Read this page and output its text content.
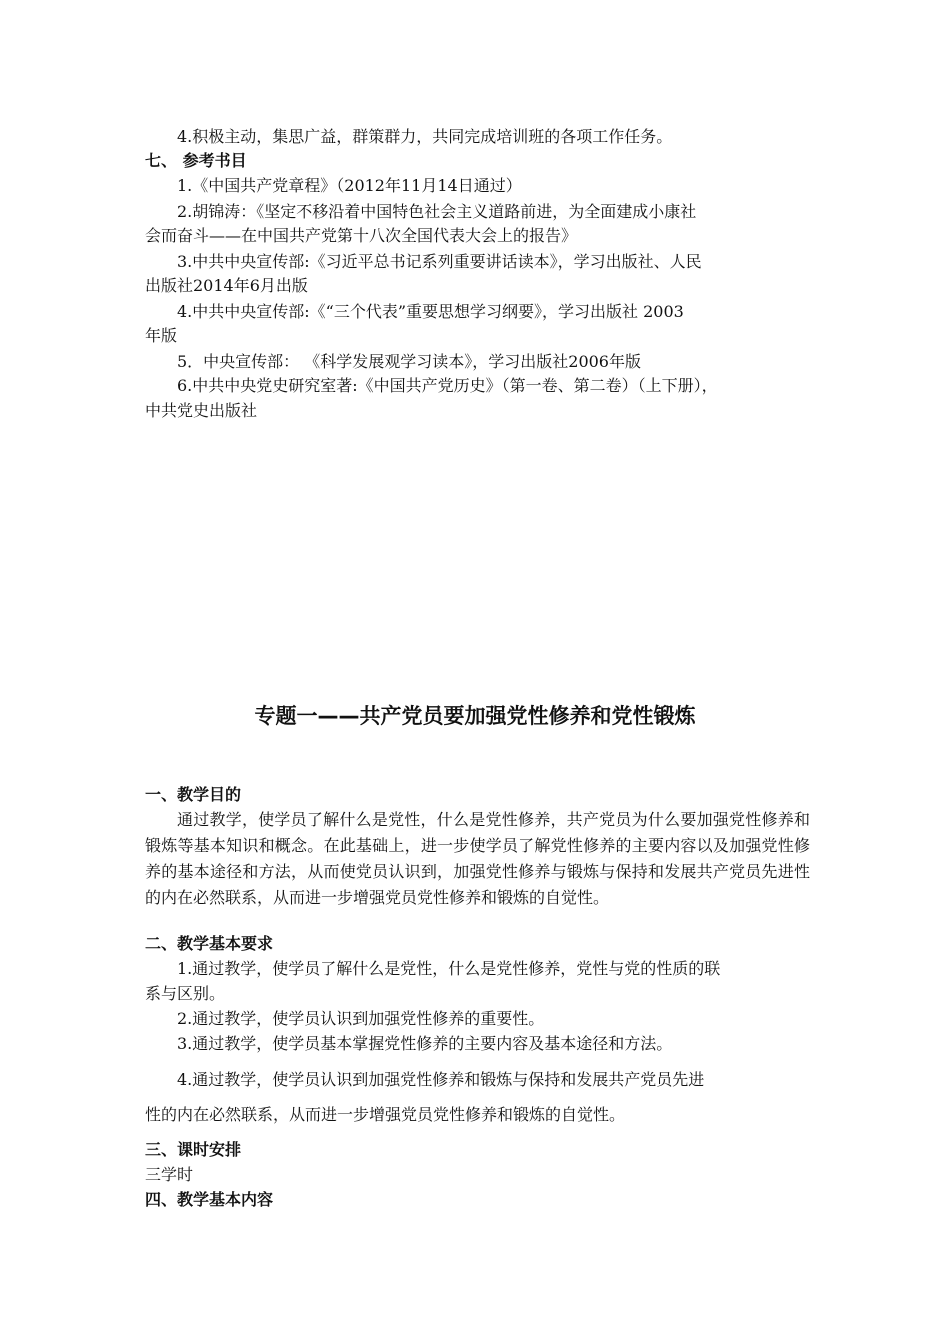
4.积极主动，集思广益，群策群力，共同完成培训班的各项工作任务。
七、 参考书目
1.《中国共产党章程》（2012年11月14日通过）
2.胡锦涛：《坚定不移沿着中国特色社会主义道路前进，为全面建成小康社
会而奋斗——在中国共产党第十八次全国代表大会上的报告》
3.中共中央宣传部:《习近平总书记系列重要讲话读本》，学习出版社、人民
出版社2014年6月出版
4.中共中央宣传部:《“三个代表”重要思想学习纲要》，学习出版社 2003
年版
5．中央宣传部： 《科学发展观学习读本》，学习出版社2006年版
6.中共中央党史研究室著:《中国共产党历史》（第一卷、第二卷）（上下册），
中共党史出版社
专题一——共产党员要加强党性修养和党性锻炼
一、教学目的
通过教学，使学员了解什么是党性，什么是党性修养，共产党员为什么要加强党性修养和锻炼等基本知识和概念。在此基础上，进一步使学员了解党性修养的主要内容以及加强党性修养的基本途径和方法，从而使党员认识到，加强党性修养与锻炼与保持和发展共产党员先进性的内在必然联系，从而进一步增强党员党性修养和锻炼的自觉性。
二、教学基本要求
1.通过教学，使学员了解什么是党性，什么是党性修养，党性与党的性质的联
系与区别。
2.通过教学，使学员认识到加强党性修养的重要性。
3.通过教学，使学员基本掌握党性修养的主要内容及基本途径和方法。
4.通过教学，使学员认识到加强党性修养和锻炼与保持和发展共产党员先进
性的内在必然联系，从而进一步增强党员党性修养和锻炼的自觉性。
三、课时安排
三学时
四、教学基本内容
